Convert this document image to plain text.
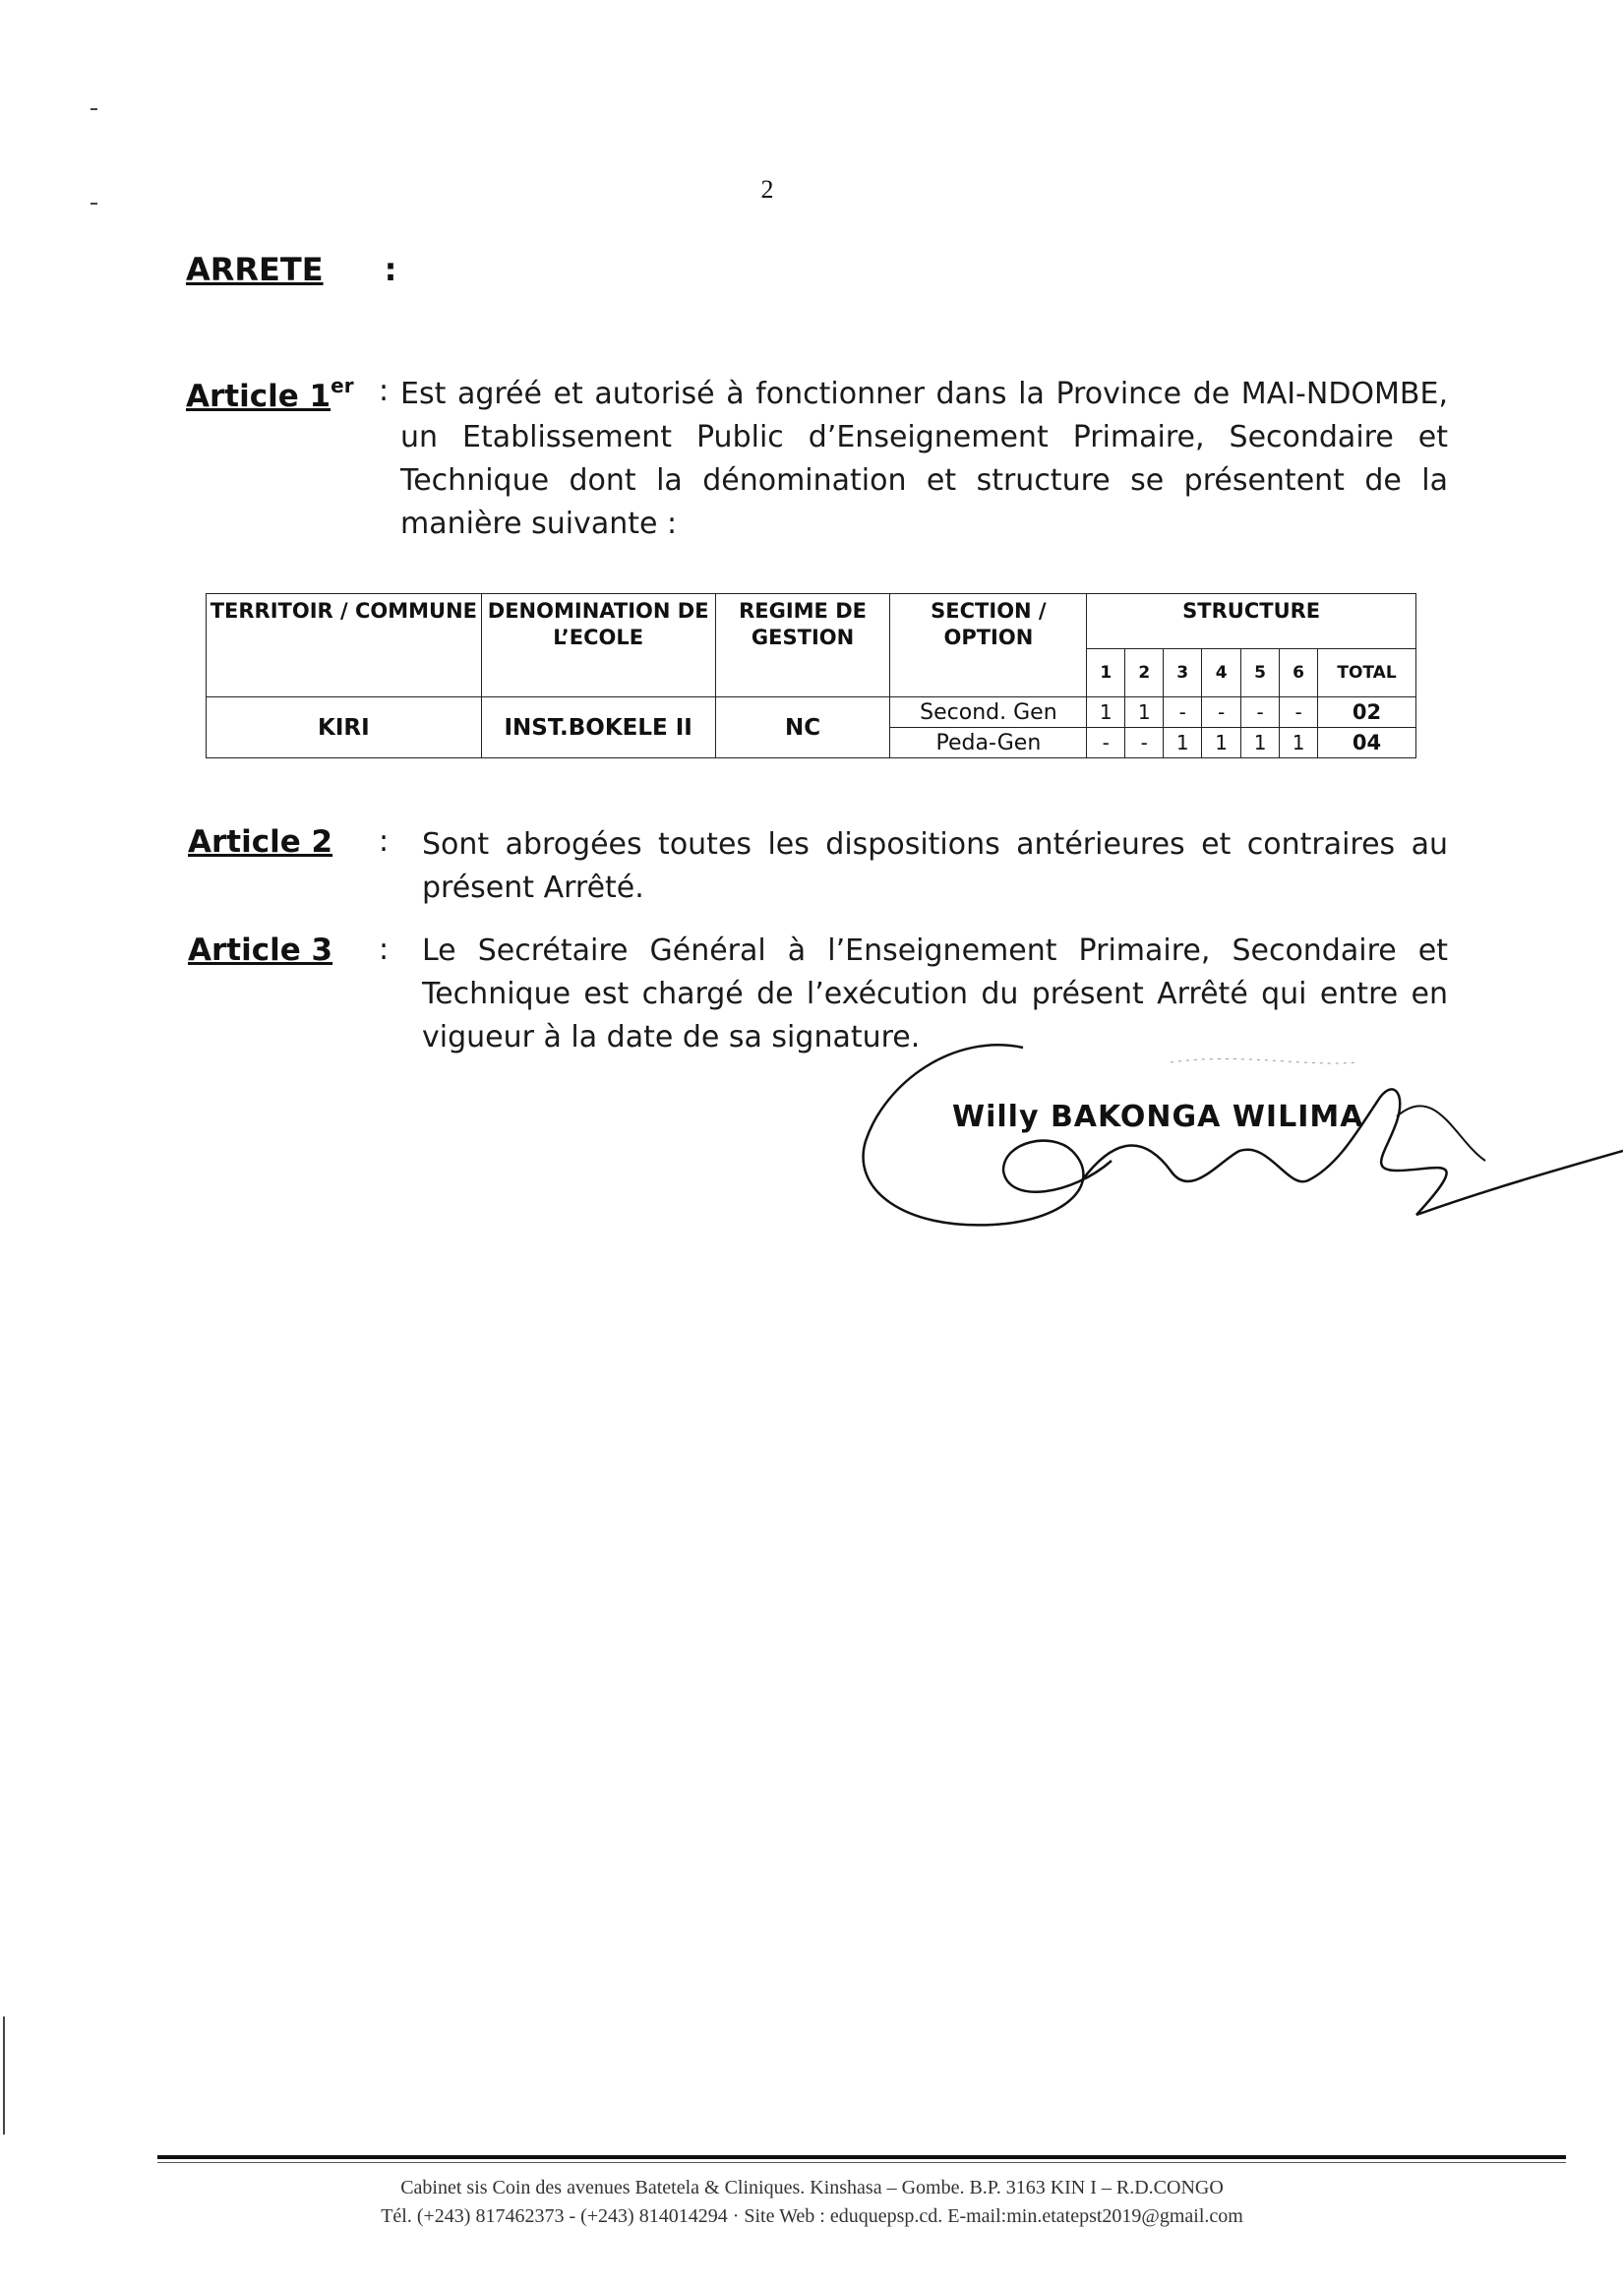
2
ARRETE :
Article 1er : Est agréé et autorisé à fonctionner dans la Province de MAI-NDOMBE, un Etablissement Public d’Enseignement Primaire, Secondaire et Technique dont la dénomination et structure se présentent de la manière suivante :
TERRITOIR / COMMUNE	DENOMINATION DE L’ECOLE	REGIME DE GESTION	SECTION / OPTION	STRUCTURE						
				1	2	3	4	5	6	TOTAL
KIRI	INST.BOKELE II	NC	Second. Gen	1	1	-	-	-	-	02
			Peda-Gen	-	-	1	1	1	1	04
Article 2 : Sont abrogées toutes les dispositions antérieures et contraires au présent Arrêté.
Article 3 : Le Secrétaire Général à l’Enseignement Primaire, Secondaire et Technique est chargé de l’exécution du présent Arrêté qui entre en vigueur à la date de sa signature.
Willy BAKONGA WILIMA
Cabinet sis Coin des avenues Batetela & Cliniques. Kinshasa – Gombe. B.P. 3163 KIN I – R.D.CONGO
Tél. (+243) 817462373 - (+243) 814014294 · Site Web : eduquepsp.cd. E-mail:min.etatepst2019@gmail.com
